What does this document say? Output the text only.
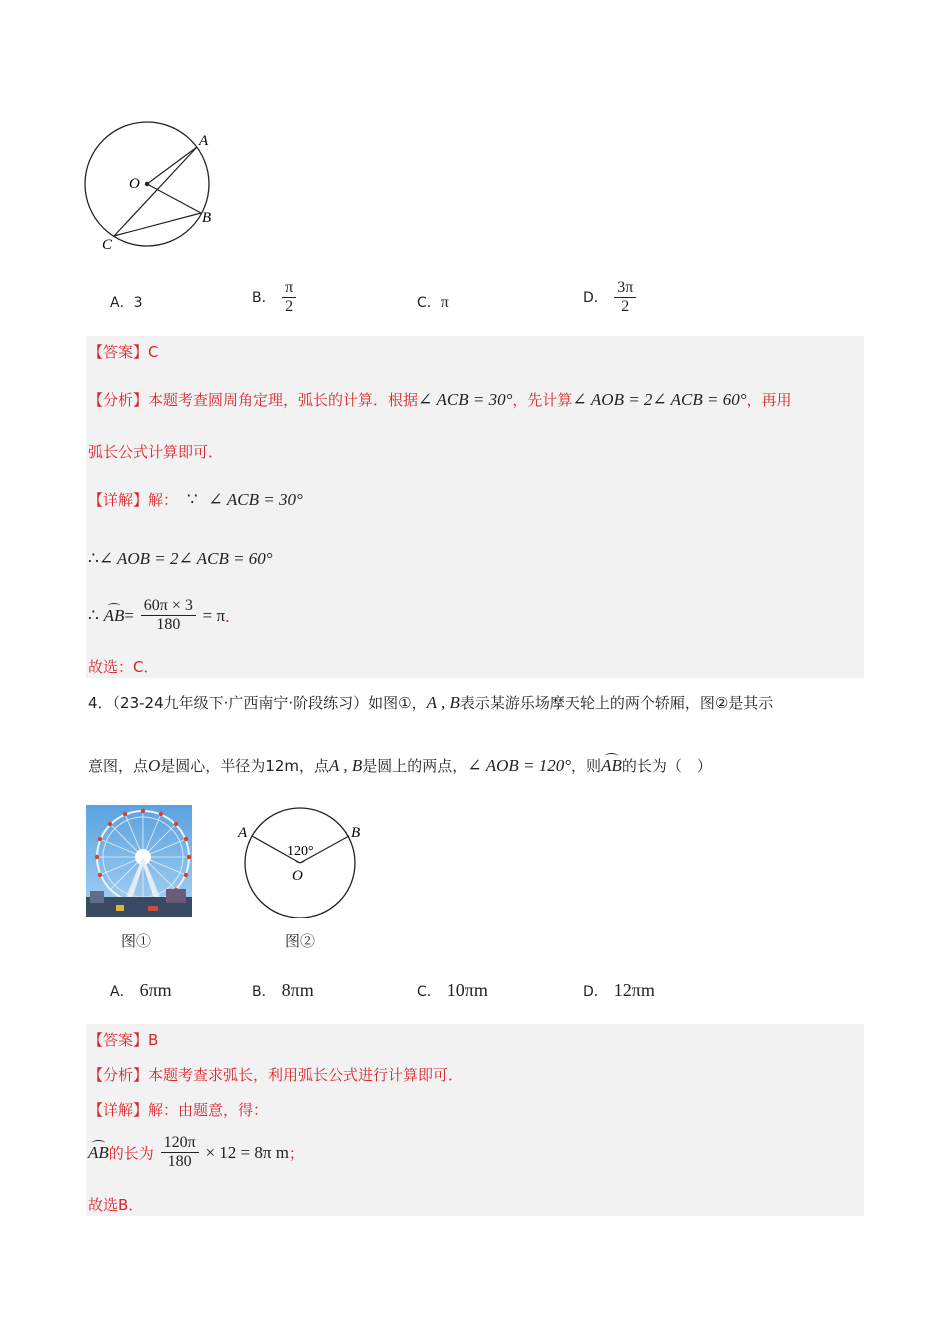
A
B
C
O
A．3	B． $\frac{\pi}{2}$	C．π	D． $\frac{3\pi}{2}$
【答案】C
【分析】本题考查圆周角定理，弧长的计算．根据∠ ACB = 30°，先计算∠ AOB = 2∠ ACB = 60°，再用
弧长公式计算即可．
【详解】解： ∵ ∠ ACB = 30°
∴∠ AOB = 2∠ ACB = 60°
∴ $AB= \frac{60\pi \times 3}{180} = \pi$．
故选：C．
4．（23-24九年级下·广西南宁·阶段练习）如图①，A , B表示某游乐场摩天轮上的两个轿厢，图②是其示
意图，点O是圆心，半径为12m，点A , B是圆上的两点，∠ AOB = 120°，则AB的长为（　）
图①
A	B
O
120°
图②
A． 6πm	B． 8πm	C． 10πm	D． 12πm
【答案】B
【分析】本题考查求弧长，利用弧长公式进行计算即可．
【详解】解：由题意，得：
AB的长为 $\frac{120\pi}{180} \times 12 = 8\pi$ m；
故选B．
